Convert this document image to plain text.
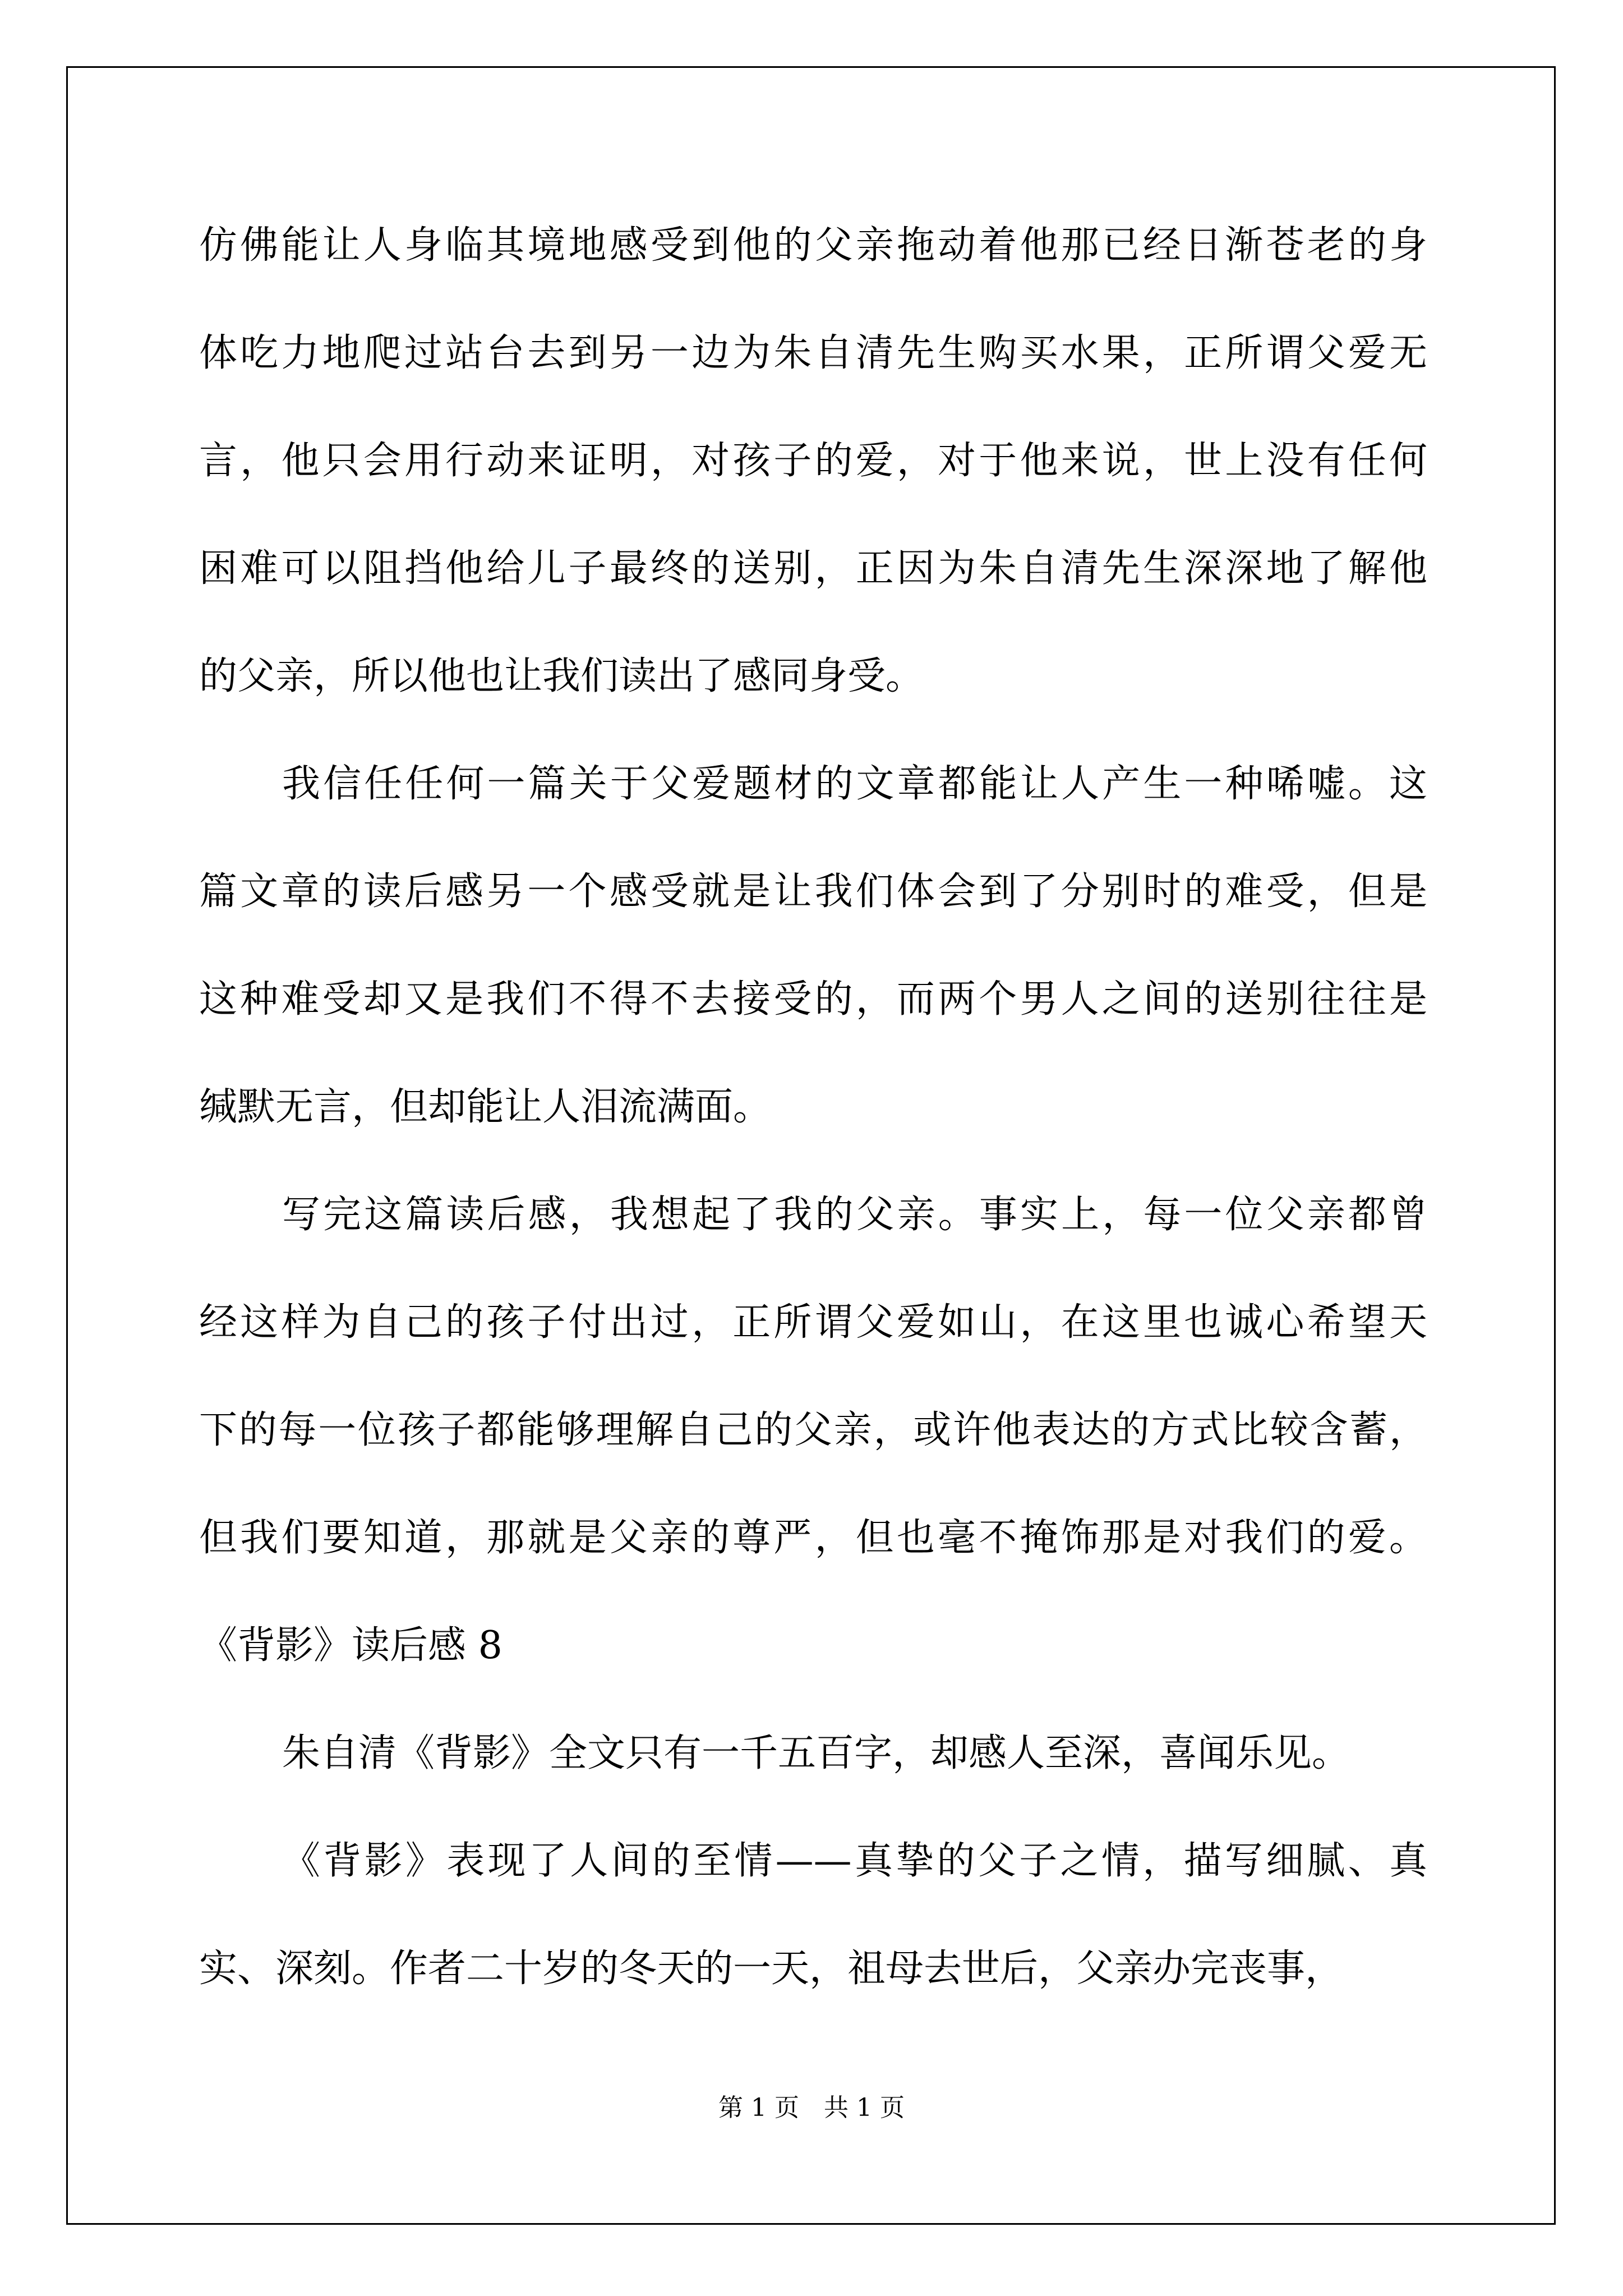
仿佛能让人身临其境地感受到他的父亲拖动着他那已经日渐苍老的身
体吃力地爬过站台去到另一边为朱自清先生购买水果，正所谓父爱无
言，他只会用行动来证明，对孩子的爱，对于他来说，世上没有任何
困难可以阻挡他给儿子最终的送别，正因为朱自清先生深深地了解他
的父亲，所以他也让我们读出了感同身受。
我信任任何一篇关于父爱题材的文章都能让人产生一种唏嘘。这
篇文章的读后感另一个感受就是让我们体会到了分别时的难受，但是
这种难受却又是我们不得不去接受的，而两个男人之间的送别往往是
缄默无言，但却能让人泪流满面。
写完这篇读后感，我想起了我的父亲。事实上，每一位父亲都曾
经这样为自己的孩子付出过，正所谓父爱如山，在这里也诚心希望天
下的每一位孩子都能够理解自己的父亲，或许他表达的方式比较含蓄，
但我们要知道，那就是父亲的尊严，但也毫不掩饰那是对我们的爱。
《背影》读后感 8
朱自清《背影》全文只有一千五百字，却感人至深，喜闻乐见。
《背影》表现了人间的至情——真挚的父子之情，描写细腻、真
实、深刻。作者二十岁的冬天的一天，祖母去世后，父亲办完丧事，
第 1 页　共 1 页
